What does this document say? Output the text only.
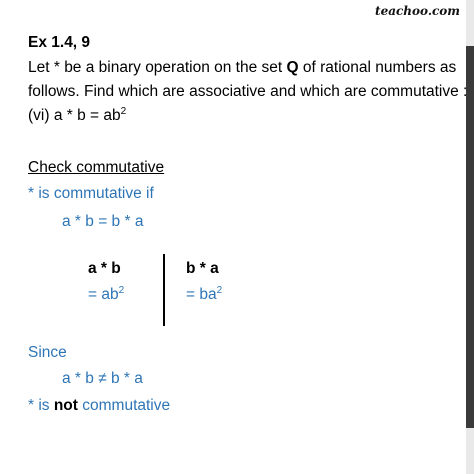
teachoo.com
Ex 1.4, 9
Let * be a binary operation on the set Q of rational numbers as
follows. Find which are associative and which are commutative :
(vi) $a * b = ab^2$
Check commutative
* is commutative if
a * b = b * a
a * b
= $ab^2$
b * a
= $ba^2$
Since
a * b ≠ b * a
* is not commutative
